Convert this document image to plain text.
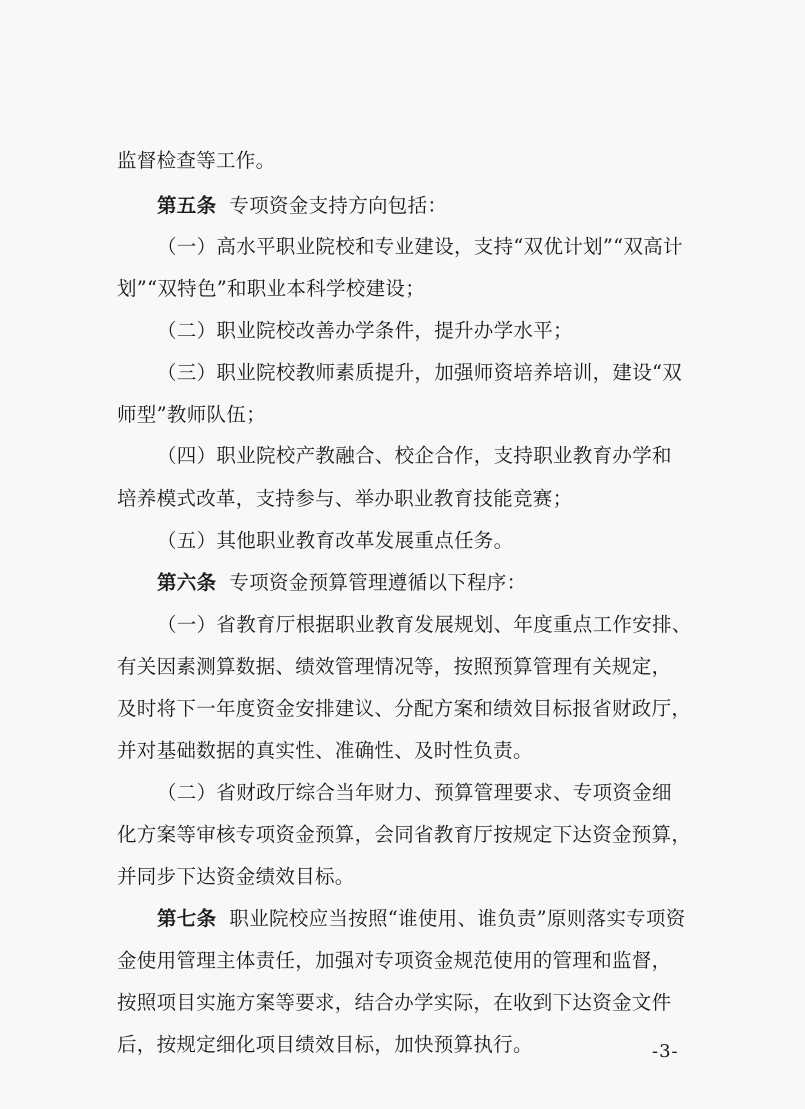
监督检查等工作。
第五条 专项资金支持方向包括：
（一）高水平职业院校和专业建设，支持“双优计划”“双高计
划”“双特色”和职业本科学校建设；
（二）职业院校改善办学条件，提升办学水平；
（三）职业院校教师素质提升，加强师资培养培训，建设“双
师型”教师队伍；
（四）职业院校产教融合、校企合作，支持职业教育办学和
培养模式改革，支持参与、举办职业教育技能竞赛；
（五）其他职业教育改革发展重点任务。
第六条 专项资金预算管理遵循以下程序：
（一）省教育厅根据职业教育发展规划、年度重点工作安排、
有关因素测算数据、绩效管理情况等，按照预算管理有关规定，
及时将下一年度资金安排建议、分配方案和绩效目标报省财政厅，
并对基础数据的真实性、准确性、及时性负责。
（二）省财政厅综合当年财力、预算管理要求、专项资金细
化方案等审核专项资金预算，会同省教育厅按规定下达资金预算，
并同步下达资金绩效目标。
第七条 职业院校应当按照“谁使用、谁负责”原则落实专项资
金使用管理主体责任，加强对专项资金规范使用的管理和监督，
按照项目实施方案等要求，结合办学实际，在收到下达资金文件
后，按规定细化项目绩效目标，加快预算执行。	-3-
